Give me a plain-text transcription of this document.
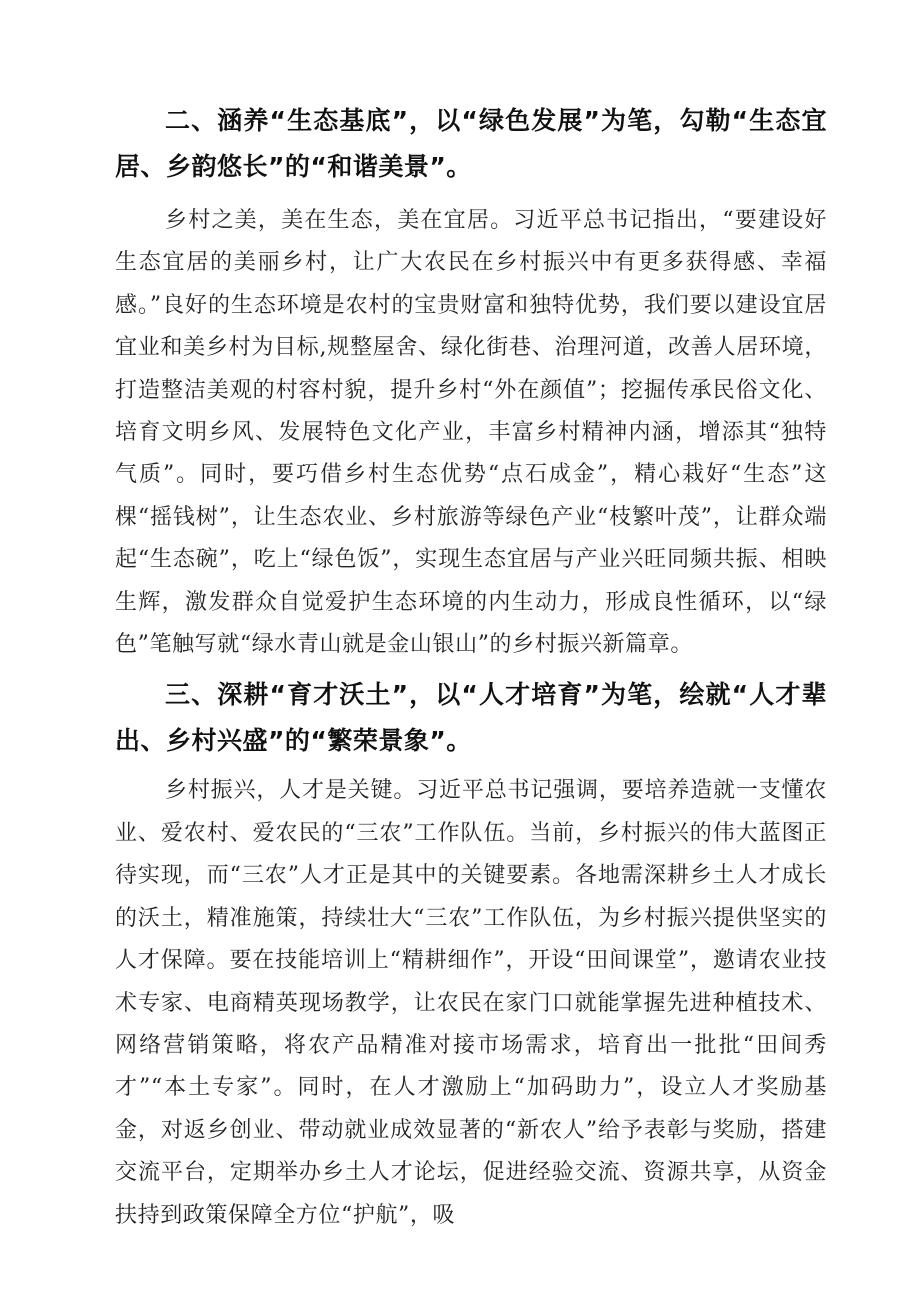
二、涵养“生态基底”，以“绿色发展”为笔，勾勒“生态宜居、乡韵悠长”的“和谐美景”。

乡村之美，美在生态，美在宜居。习近平总书记指出，“要建设好生态宜居的美丽乡村，让广大农民在乡村振兴中有更多获得感、幸福感。”良好的生态环境是农村的宝贵财富和独特优势，我们要以建设宜居宜业和美乡村为目标,规整屋舍、绿化街巷、治理河道，改善人居环境，打造整洁美观的村容村貌，提升乡村“外在颜值”；挖掘传承民俗文化、培育文明乡风、发展特色文化产业，丰富乡村精神内涵，增添其“独特气质”。同时，要巧借乡村生态优势“点石成金”，精心栽好“生态”这棵“摇钱树”，让生态农业、乡村旅游等绿色产业“枝繁叶茂”，让群众端起“生态碗”，吃上“绿色饭”，实现生态宜居与产业兴旺同频共振、相映生辉，激发群众自觉爱护生态环境的内生动力，形成良性循环，以“绿色”笔触写就“绿水青山就是金山银山”的乡村振兴新篇章。

三、深耕“育才沃土”，以“人才培育”为笔，绘就“人才辈出、乡村兴盛”的“繁荣景象”。

乡村振兴，人才是关键。习近平总书记强调，要培养造就一支懂农业、爱农村、爱农民的“三农”工作队伍。当前，乡村振兴的伟大蓝图正待实现，而“三农”人才正是其中的关键要素。各地需深耕乡土人才成长的沃土，精准施策，持续壮大“三农”工作队伍，为乡村振兴提供坚实的人才保障。要在技能培训上“精耕细作”，开设“田间课堂”，邀请农业技术专家、电商精英现场教学，让农民在家门口就能掌握先进种植技术、网络营销策略，将农产品精准对接市场需求，培育出一批批“田间秀才”“本土专家”。同时，在人才激励上“加码助力”，设立人才奖励基金，对返乡创业、带动就业成效显著的“新农人”给予表彰与奖励，搭建交流平台，定期举办乡土人才论坛，促进经验交流、资源共享，从资金扶持到政策保障全方位“护航”，吸
